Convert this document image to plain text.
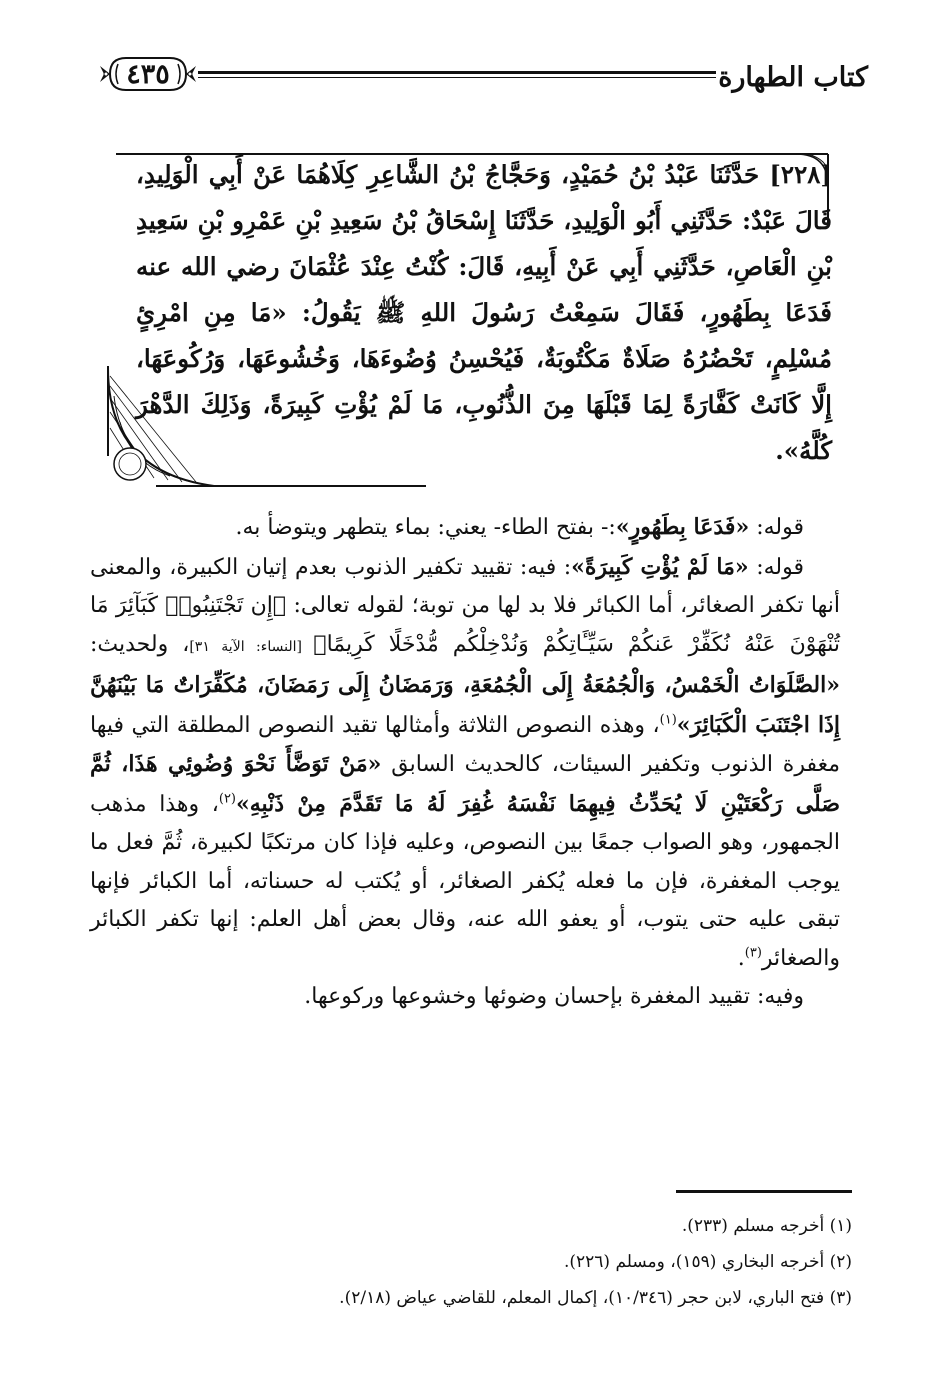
كتاب الطهارة
٤٣٥
[٢٢٨] حَدَّثَنَا عَبْدُ بْنُ حُمَيْدٍ، وَحَجَّاجُ بْنُ الشَّاعِرِ كِلَاهُمَا عَنْ أَبِي الْوَلِيدِ، قَالَ عَبْدٌ: حَدَّثَنِي أَبُو الْوَلِيدِ، حَدَّثَنَا إِسْحَاقُ بْنُ سَعِيدِ بْنِ عَمْرِو بْنِ سَعِيدِ بْنِ الْعَاصِ، حَدَّثَنِي أَبِي عَنْ أَبِيهِ، قَالَ: كُنْتُ عِنْدَ عُثْمَانَ رضي الله عنه فَدَعَا بِطَهُورٍ، فَقَالَ سَمِعْتُ رَسُولَ اللهِ ﷺ يَقُولُ: «مَا مِنِ امْرِئٍ مُسْلِمٍ، تَحْضُرُهُ صَلَاةٌ مَكْتُوبَةٌ، فَيُحْسِنُ وُضُوءَهَا، وَخُشُوعَهَا، وَرُكُوعَهَا، إِلَّا كَانَتْ كَفَّارَةً لِمَا قَبْلَهَا مِنَ الذُّنُوبِ، مَا لَمْ يُؤْتِ كَبِيرَةً، وَذَلِكَ الدَّهْرَ كُلَّهُ».

قوله: «فَدَعَا بِطَهُورٍ»:- بفتح الطاء- يعني: بماء يتطهر ويتوضأ به.

قوله: «مَا لَمْ يُؤْتِ كَبِيرَةً»: فيه: تقييد تكفير الذنوب بعدم إتيان الكبيرة، والمعنى أنها تكفر الصغائر، أما الكبائر فلا بد لها من توبة؛ لقوله تعالى: ﴿إِن تَجْتَنِبُوا۟ كَبَآئِرَ مَا تُنْهَوْنَ عَنْهُ نُكَفِّرْ عَنكُمْ سَيِّـَٔاتِكُمْ وَنُدْخِلْكُم مُّدْخَلًا كَرِيمًا﴾ [النساء: الآية ٣١]، ولحديث: «الصَّلَوَاتُ الْخَمْسُ، وَالْجُمُعَةُ إِلَى الْجُمُعَةِ، وَرَمَضَانُ إِلَى رَمَضَانَ، مُكَفِّرَاتٌ مَا بَيْنَهُنَّ إِذَا اجْتَنَبَ الْكَبَائِرَ»$^{(١)}$، وهذه النصوص الثلاثة وأمثالها تقيد النصوص المطلقة التي فيها مغفرة الذنوب وتكفير السيئات، كالحديث السابق «مَنْ تَوَضَّأَ نَحْوَ وُضُوئِي هَذَا، ثُمَّ صَلَّى رَكْعَتَيْنِ لَا يُحَدِّثُ فِيهِمَا نَفْسَهُ غُفِرَ لَهُ مَا تَقَدَّمَ مِنْ ذَنْبِهِ»$^{(٢)}$، وهذا مذهب الجمهور، وهو الصواب جمعًا بين النصوص، وعليه فإذا كان مرتكبًا لكبيرة، ثُمَّ فعل ما يوجب المغفرة، فإن ما فعله يُكفر الصغائر، أو يُكتب له حسناته، أما الكبائر فإنها تبقى عليه حتى يتوب، أو يعفو الله عنه، وقال بعض أهل العلم: إنها تكفر الكبائر والصغائر$^{(٣)}$.

وفيه: تقييد المغفرة بإحسان وضوئها وخشوعها وركوعها.

(١) أخرجه مسلم (٢٣٣).

(٢) أخرجه البخاري (١٥٩)، ومسلم (٢٢٦).

(٣) فتح الباري، لابن حجر (١٠/٣٤٦)، إكمال المعلم، للقاضي عياض (٢/١٨).
